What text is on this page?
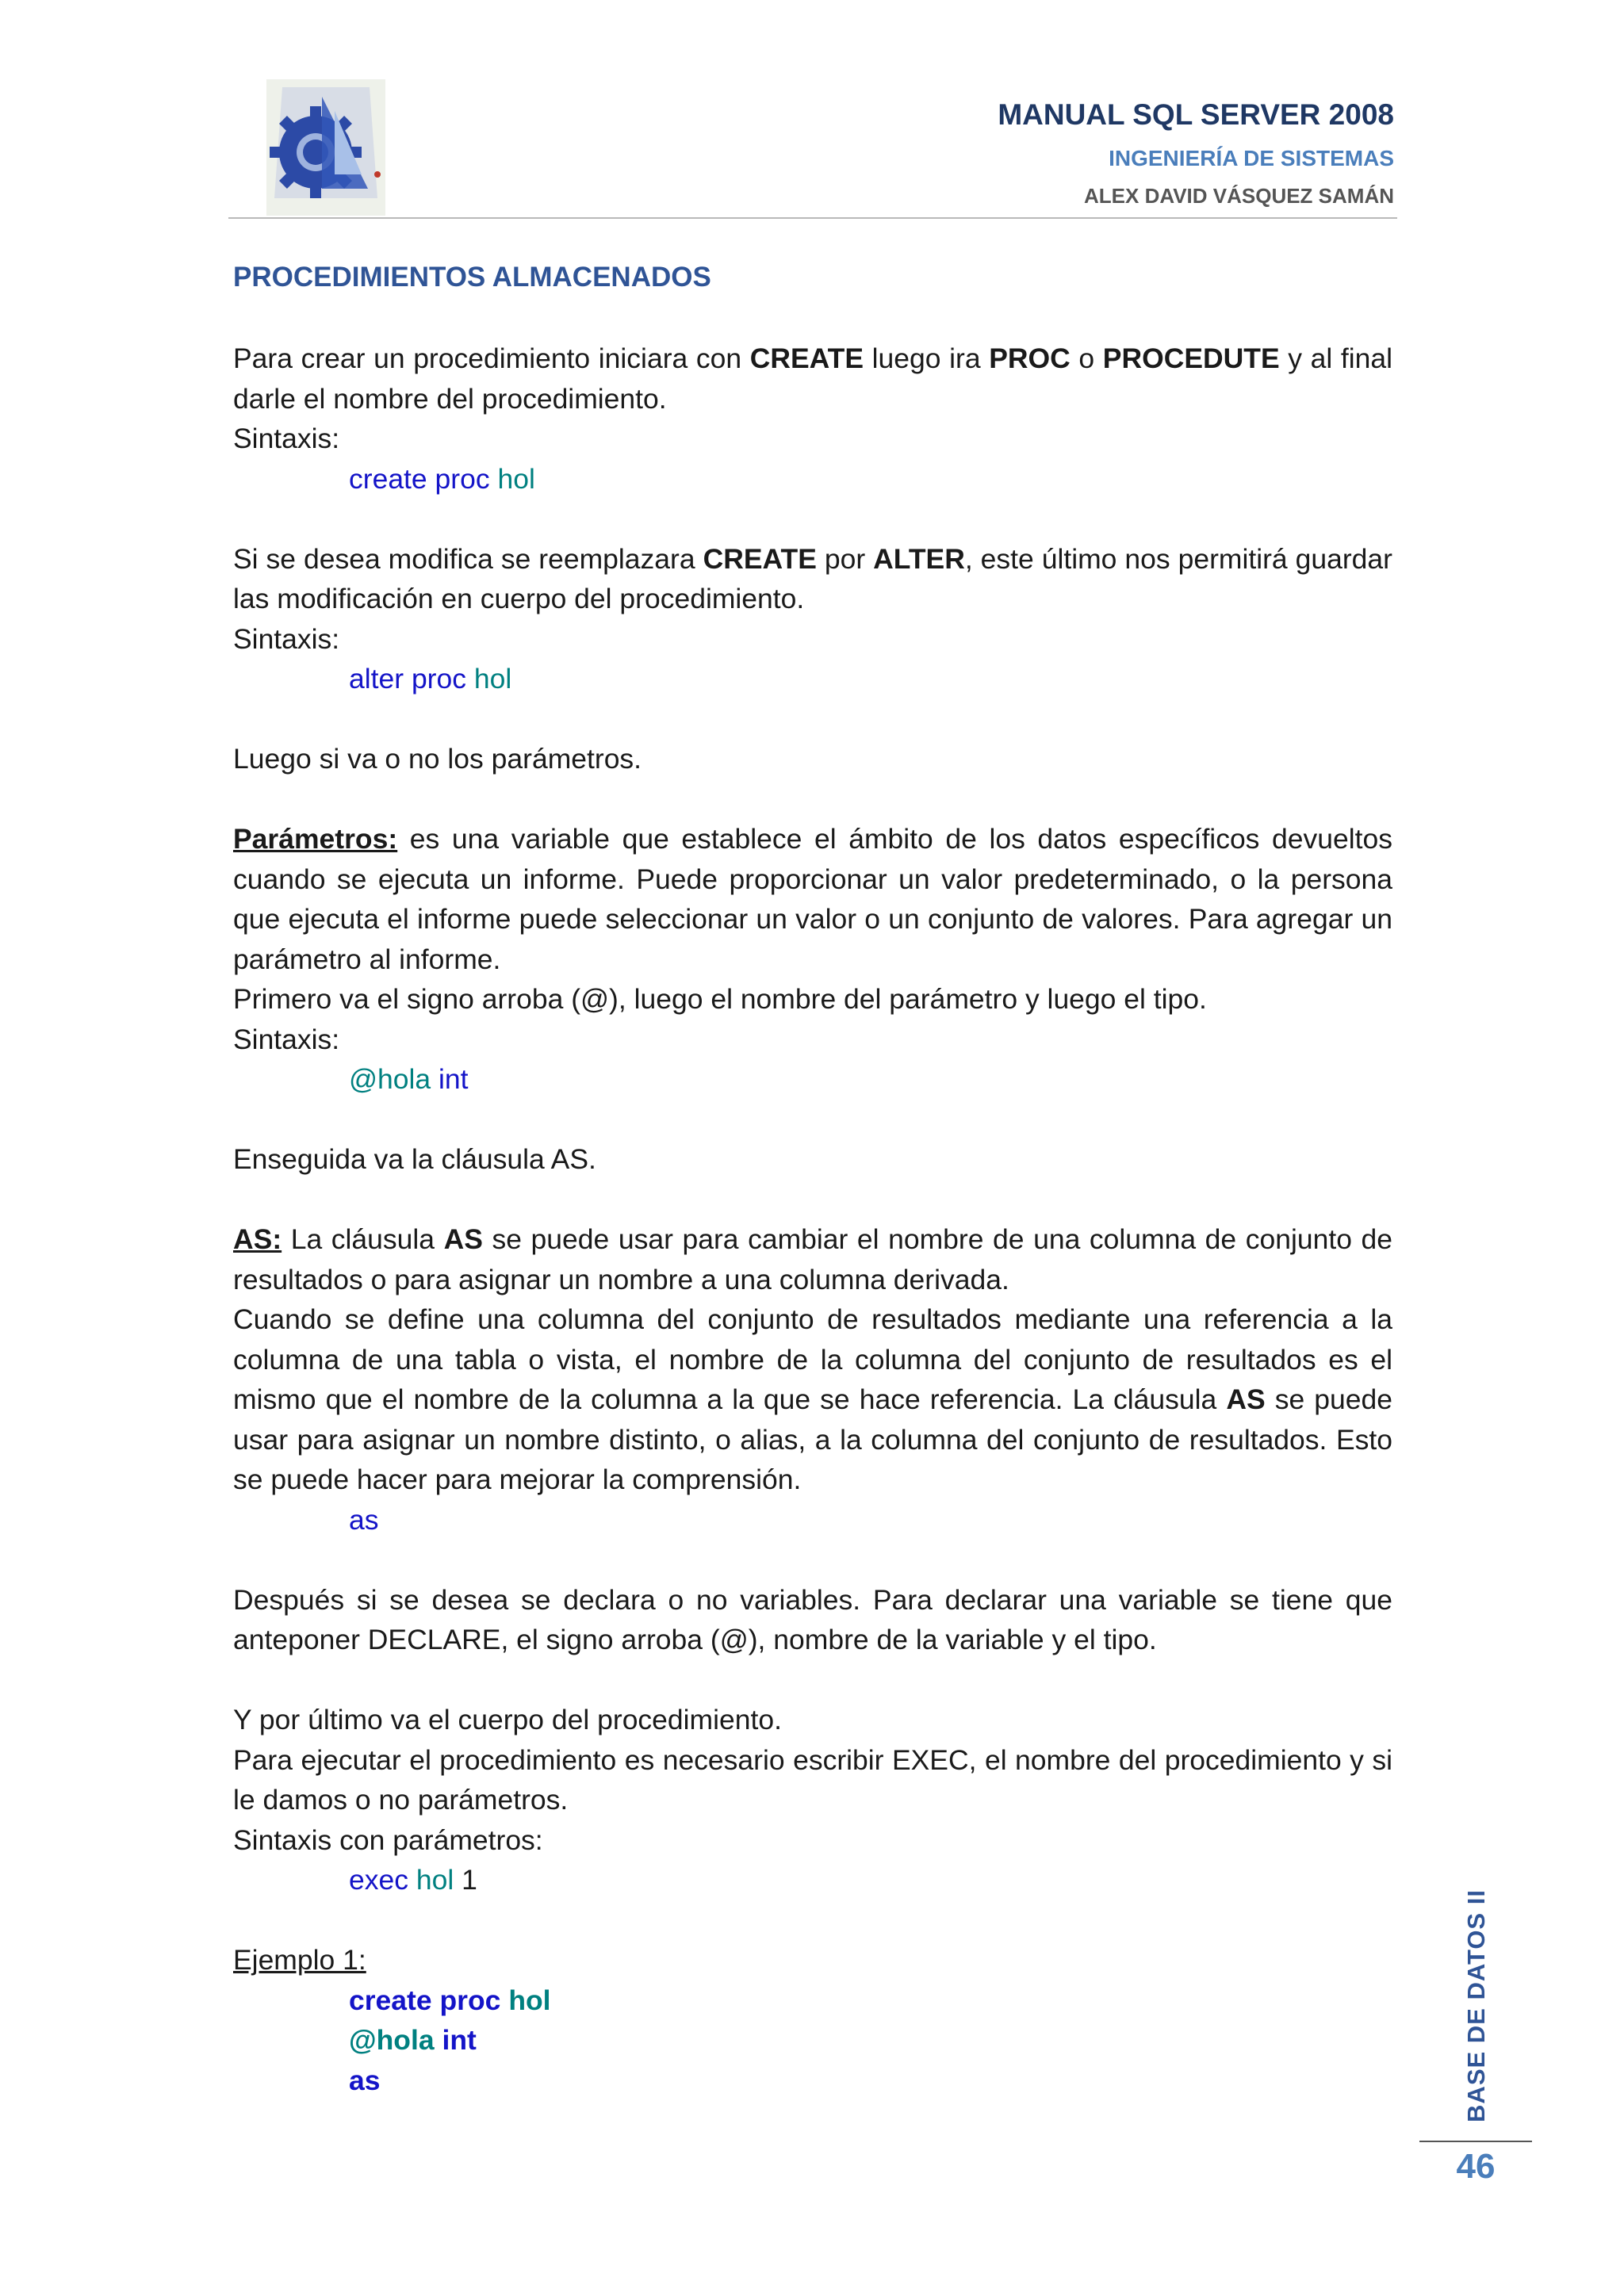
MANUAL SQL SERVER 2008
INGENIERÍA DE SISTEMAS
ALEX DAVID VÁSQUEZ SAMÁN
PROCEDIMIENTOS ALMACENADOS

Para crear un procedimiento iniciara con CREATE luego ira PROC o PROCEDUTE y al final darle el nombre del procedimiento.

Sintaxis:

create proc hol

Si se desea modifica se reemplazara CREATE por ALTER, este último nos permitirá guardar las modificación en cuerpo del procedimiento.

Sintaxis:

alter proc hol

Luego si va o no los parámetros.

Parámetros: es una variable que establece el ámbito de los datos específicos devueltos cuando se ejecuta un informe. Puede proporcionar un valor predeterminado, o la persona que ejecuta el informe puede seleccionar un valor o un conjunto de valores. Para agregar un parámetro al informe.

Primero va el signo arroba (@), luego el nombre del parámetro y luego el tipo.

Sintaxis:

@hola int

Enseguida va la cláusula AS.

AS: La cláusula AS se puede usar para cambiar el nombre de una columna de conjunto de resultados o para asignar un nombre a una columna derivada.

Cuando se define una columna del conjunto de resultados mediante una referencia a la columna de una tabla o vista, el nombre de la columna del conjunto de resultados es el mismo que el nombre de la columna a la que se hace referencia. La cláusula AS se puede usar para asignar un nombre distinto, o alias, a la columna del conjunto de resultados. Esto se puede hacer para mejorar la comprensión.

as

Después si se desea se declara o no variables. Para declarar una variable se tiene que anteponer DECLARE, el signo arroba (@), nombre de la variable y el tipo.

Y por último va el cuerpo del procedimiento.

Para ejecutar el procedimiento es necesario escribir EXEC, el nombre del procedimiento y si le damos o no parámetros.

Sintaxis con parámetros:

exec hol 1

Ejemplo 1:

create proc hol

@hola int

as	BASE DE DATOS II
46
